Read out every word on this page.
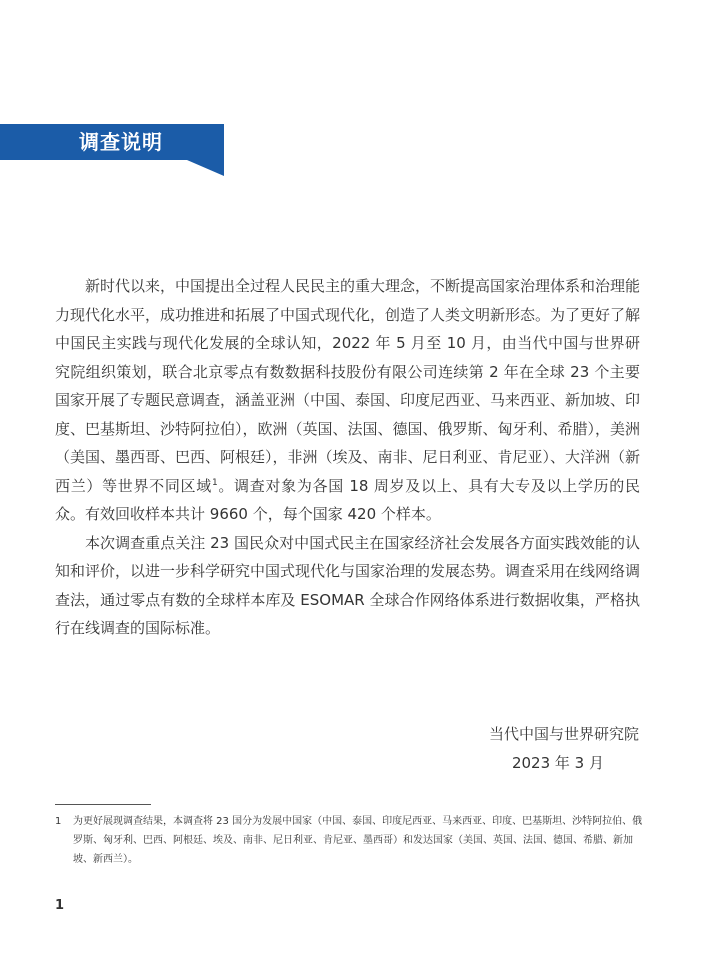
调查说明

新时代以来，中国提出全过程人民民主的重大理念，不断提高国家治理体系和治理能力现代化水平，成功推进和拓展了中国式现代化，创造了人类文明新形态。为了更好了解中国民主实践与现代化发展的全球认知，2022 年 5 月至 10 月，由当代中国与世界研究院组织策划，联合北京零点有数数据科技股份有限公司连续第 2 年在全球 23 个主要国家开展了专题民意调查，涵盖亚洲（中国、泰国、印度尼西亚、马来西亚、新加坡、印度、巴基斯坦、沙特阿拉伯），欧洲（英国、法国、德国、俄罗斯、匈牙利、希腊），美洲（美国、墨西哥、巴西、阿根廷），非洲（埃及、南非、尼日利亚、肯尼亚）、大洋洲（新西兰）等世界不同区域$^1$。调查对象为各国 18 周岁及以上、具有大专及以上学历的民众。有效回收样本共计 9660 个，每个国家 420 个样本。

本次调查重点关注 23 国民众对中国式民主在国家经济社会发展各方面实践效能的认知和评价，以进一步科学研究中国式现代化与国家治理的发展态势。调查采用在线网络调查法，通过零点有数的全球样本库及 ESOMAR 全球合作网络体系进行数据收集，严格执行在线调查的国际标准。

当代中国与世界研究院
2023 年 3 月
1 为更好展现调查结果，本调查将 23 国分为发展中国家（中国、泰国、印度尼西亚、马来西亚、印度、巴基斯坦、沙特阿拉伯、俄罗斯、匈牙利、巴西、阿根廷、埃及、南非、尼日利亚、肯尼亚、墨西哥）和发达国家（美国、英国、法国、德国、希腊、新加坡、新西兰）。
1
